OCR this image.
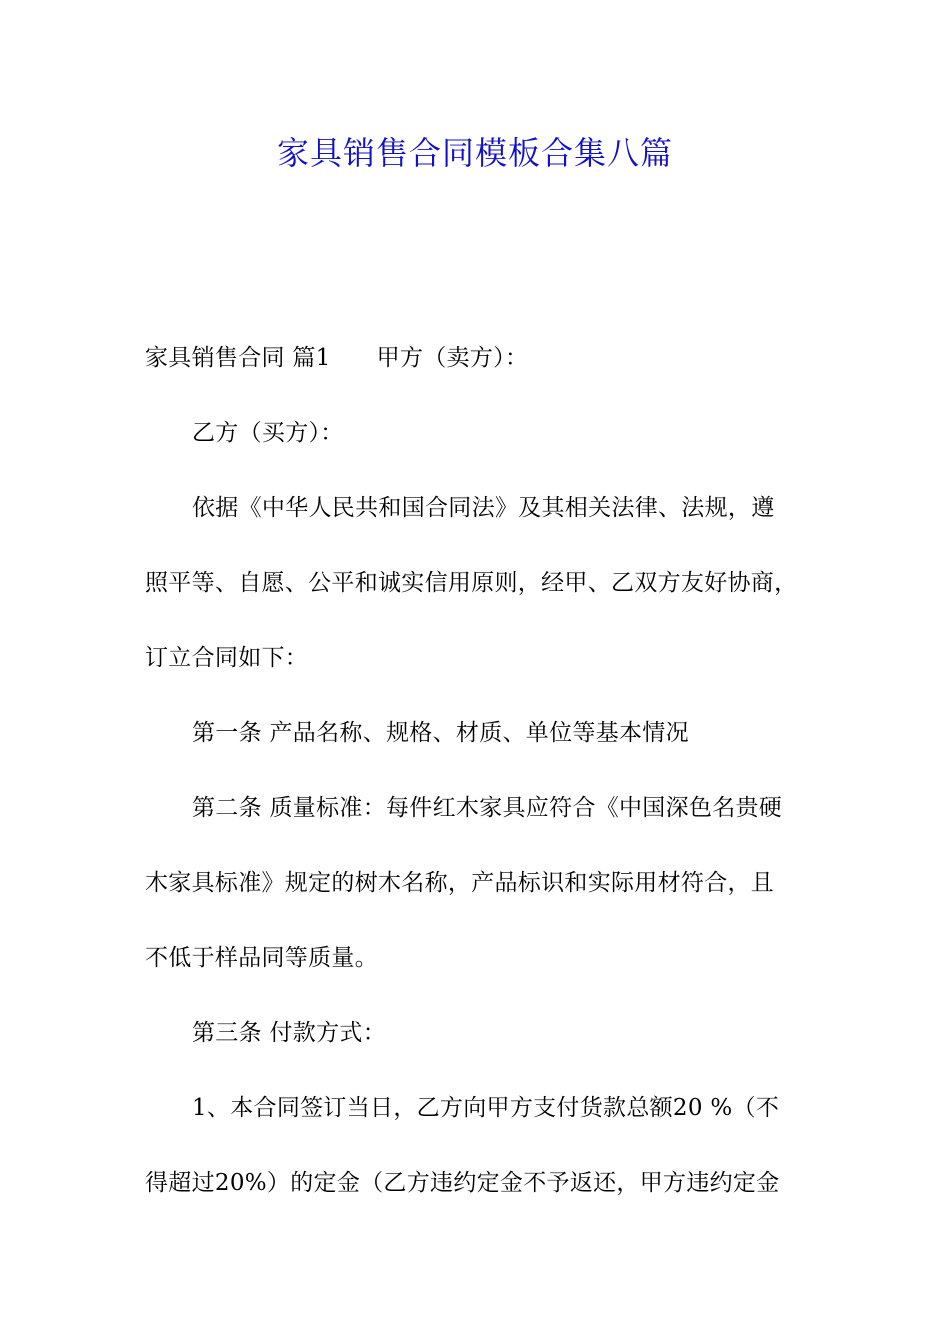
家具销售合同模板合集八篇
家具销售合同 篇1 甲方（卖方）：
乙方（买方）：
依据《中华人民共和国合同法》及其相关法律、法规，遵
照平等、自愿、公平和诚实信用原则，经甲、乙双方友好协商，
订立合同如下：
第一条 产品名称、规格、材质、单位等基本情况
第二条 质量标准：每件红木家具应符合《中国深色名贵硬
木家具标准》规定的树木名称，产品标识和实际用材符合，且
不低于样品同等质量。
第三条 付款方式：
1、本合同签订当日，乙方向甲方支付货款总额20 %（不
得超过20%）的定金（乙方违约定金不予返还，甲方违约定金
